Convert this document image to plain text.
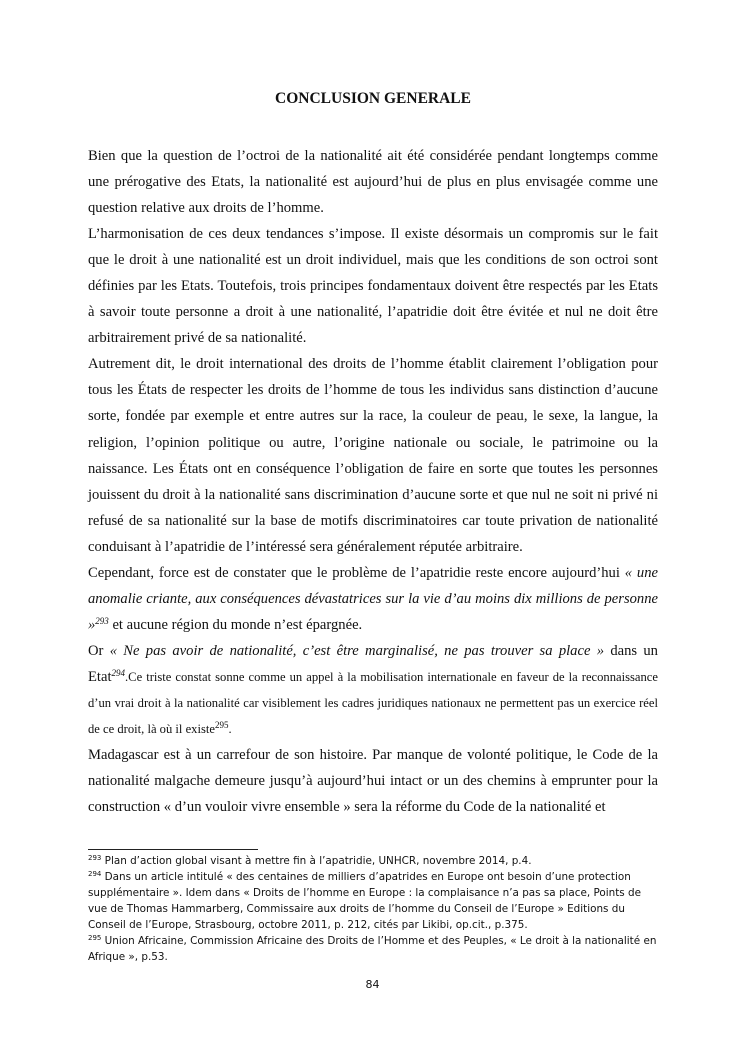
CONCLUSION GENERALE

Bien que la question de l’octroi de la nationalité ait été considérée pendant longtemps comme une prérogative des Etats, la nationalité est aujourd’hui de plus en plus envisagée comme une question relative aux droits de l’homme.

L’harmonisation de ces deux tendances s’impose. Il existe désormais un compromis sur le fait que le droit à une nationalité est un droit individuel, mais que les conditions de son octroi sont définies par les Etats. Toutefois, trois principes fondamentaux doivent être respectés par les Etats à savoir toute personne a droit à une nationalité, l’apatridie doit être évitée et nul ne doit être arbitrairement privé de sa nationalité.

Autrement dit, le droit international des droits de l’homme établit clairement l’obligation pour tous les États de respecter les droits de l’homme de tous les individus sans distinction d’aucune sorte, fondée par exemple et entre autres sur la race, la couleur de peau, le sexe, la langue, la religion, l’opinion politique ou autre, l’origine nationale ou sociale, le patrimoine ou la naissance. Les États ont en conséquence l’obligation de faire en sorte que toutes les personnes jouissent du droit à la nationalité sans discrimination d’aucune sorte et que nul ne soit ni privé ni refusé de sa nationalité sur la base de motifs discriminatoires car toute privation de nationalité conduisant à l’apatridie de l’intéressé sera généralement réputée arbitraire.

Cependant, force est de constater que le problème de l’apatridie reste encore aujourd’hui « une anomalie criante, aux conséquences dévastatrices sur la vie d’au moins dix millions de personne »$^{293}$ et aucune région du monde n’est épargnée.

Or « Ne pas avoir de nationalité, c’est être marginalisé, ne pas trouver sa place » dans un Etat$^{294}$.Ce triste constat sonne comme un appel à la mobilisation internationale en faveur de la reconnaissance d’un vrai droit à la nationalité car visiblement les cadres juridiques nationaux ne permettent pas un exercice réel de ce droit, là où il existe$^{295}$.

Madagascar est à un carrefour de son histoire. Par manque de volonté politique, le Code de la nationalité malgache demeure jusqu’à aujourd’hui intact or un des chemins à emprunter pour la construction « d’un vouloir vivre ensemble » sera la réforme du Code de la nationalité et

$^{293}$ Plan d’action global visant à mettre fin à l’apatridie, UNHCR, novembre 2014, p.4.

$^{294}$ Dans un article intitulé « des centaines de milliers d’apatrides en Europe ont besoin d’une protection supplémentaire ». Idem dans « Droits de l’homme en Europe : la complaisance n’a pas sa place, Points de vue de Thomas Hammarberg, Commissaire aux droits de l’homme du Conseil de l’Europe » Editions du Conseil de l’Europe, Strasbourg, octobre 2011, p. 212, cités par Likibi, op.cit., p.375.

$^{295}$ Union Africaine, Commission Africaine des Droits de l’Homme et des Peuples, « Le droit à la nationalité en Afrique », p.53.

84
